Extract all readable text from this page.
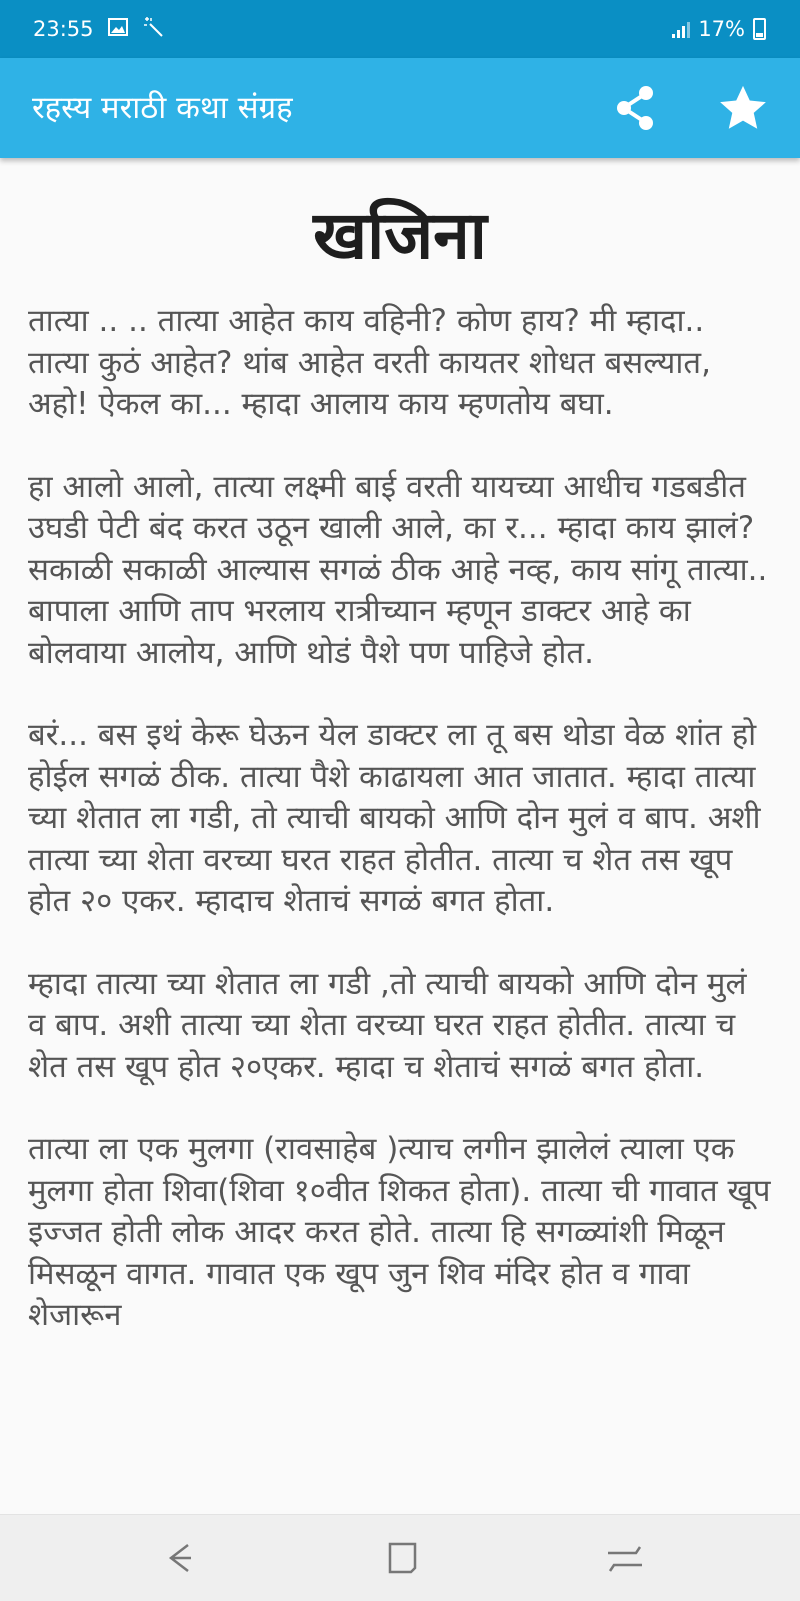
23:55	17%
रहस्य मराठी कथा संग्रह
खजिना

तात्या .. .. तात्या आहेत काय वहिनी? कोण हाय? मी म्हादा.. तात्या कुठं आहेत? थांब आहेत वरती कायतर शोधत बसल्यात, अहो! ऐकल का... म्हादा आलाय काय म्हणतोय बघा.

हा आलो आलो, तात्या लक्ष्मी बाई वरती यायच्या आधीच गडबडीत उघडी पेटी बंद करत उठून खाली आले, का र... म्हादा काय झालं? सकाळी सकाळी आल्यास सगळं ठीक आहे नव्ह, काय सांगू तात्या.. बापाला आणि ताप भरलाय रात्रीच्यान म्हणून डाक्टर आहे का बोलवाया आलोय, आणि थोडं पैशे पण पाहिजे होत.

बरं... बस इथं केरू घेऊन येल डाक्टर ला तू बस थोडा वेळ शांत हो होईल सगळं ठीक. तात्या पैशे काढायला आत जातात. म्हादा तात्या च्या शेतात ला गडी, तो त्याची बायको आणि दोन मुलं व बाप. अशी तात्या च्या शेता वरच्या घरत राहत होतीत. तात्या च शेत तस खूप होत २० एकर. म्हादाच शेताचं सगळं बगत होता.

म्हादा तात्या च्या शेतात ला गडी ,तो त्याची बायको आणि दोन मुलं व बाप. अशी तात्या च्या शेता वरच्या घरत राहत होतीत. तात्या च शेत तस खूप होत २०एकर. म्हादा च शेताचं सगळं बगत होता.

तात्या ला एक मुलगा (रावसाहेब )त्याच लगीन झालेलं त्याला एक मुलगा होता शिवा(शिवा १०वीत शिकत होता). तात्या ची गावात खूप इज्जत होती लोक आदर करत होते. तात्या हि सगळ्यांशी मिळून मिसळून वागत. गावात एक खूप जुन शिव मंदिर होत व गावा शेजारून
